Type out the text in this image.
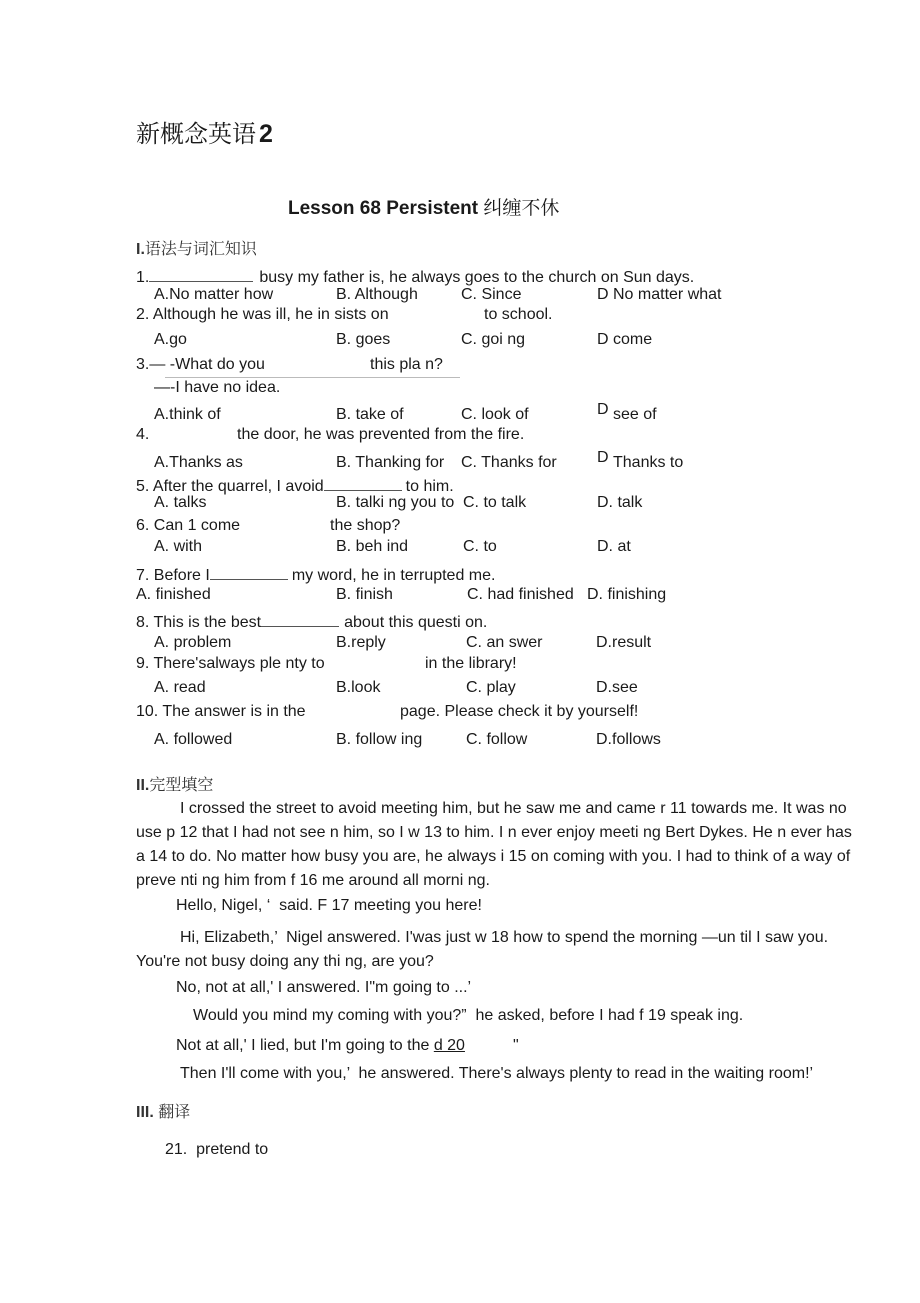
新概念英语 2
Lesson 68 Persistent 纠缠不休
I.语法与词汇知识
1.	busy my father is, he always goes to the church on Sun days.
A.No matter how	B. Although	C. Since	D No matter what
2. Although he was ill, he in sists on	to school.
A.go	B. goes	C. goi ng	D come
3.— -What do you	this pla n?
—-I have no idea.
A.think of	B. take of	C. look of	D see of
4.	the door, he was prevented from the fire.
A.Thanks as	B. Thanking for C. Thanks for	D Thanks to
5. After the quarrel, I avoid	to him.
A. talks	B. talki ng you to C. to talk	D. talk
6. Can 1 come	the shop?
A. with	B. beh ind	C. to	D. at
7. Before I	my word, he in terrupted me.
A. finished	B. finish	C. had finished D. finishing
8. This is the best	about this questi on.
A. problem	B.reply	C. an swer	D.result
9. There'salways ple nty to	in the library!
A. read	B.look	C. play	D.see
10. The answer is in the	page. Please check it by yourself!
A. followed	B. follow ing	C. follow	D.follows
II.完型填空
I crossed the street to avoid meeting him, but he saw me and came r 11 towards me. It was no
use p 12 that I had not see n him, so I w 13 to him. I n ever enjoy meeti ng Bert Dykes. He n ever has
a 14 to do. No matter how busy you are, he always i 15 on coming with you. I had to think of a way of
preve nti ng him from f 16 me around all morni ng.
Hello, Nigel, ‘  said. F 17 meeting you here!
Hi, Elizabeth,’  Nigel answered. I'was just w 18 how to spend the morning —un til I saw you.
You're not busy doing any thi ng, are you?
No, not at all,' I answered. I"m going to ...’
Would you mind my coming with you?”  he asked, before I had f 19 speak ing.
Not at all,' I lied, but I'm going to the d 20	"
Then I'll come with you,’  he answered. There's always plenty to read in the waiting room!’
III. 翻译
21.  pretend to
